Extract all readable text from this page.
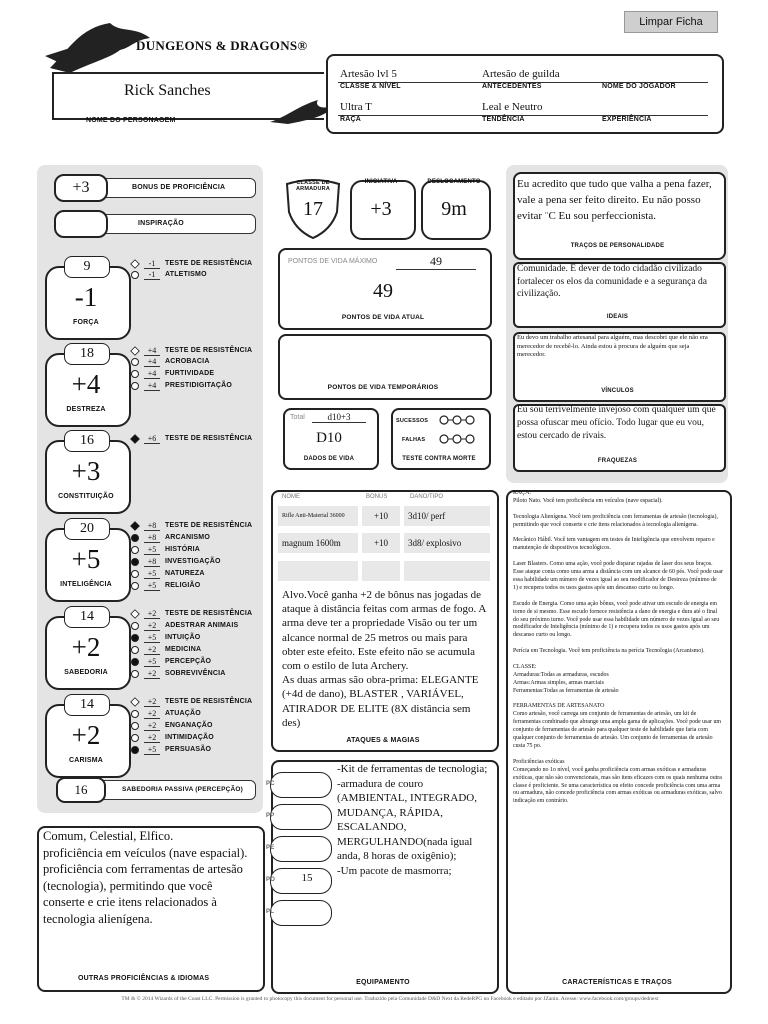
Limpar Ficha
DUNGEONS & DRAGONS®
Rick Sanches
NOME DO PERSONAGEM
Artesão lvl 5	Artesão de guilda
CLASSE & NÍVEL	ANTECEDENTES	NOME DO JOGADOR
Ultra T	Leal e Neutro
RAÇA	TENDÊNCIA	EXPERIÊNCIA
+3	BONUS DE PROFICIÊNCIA
INSPIRAÇÃO
9
-1
FORÇA
-1	TESTE DE RESISTÊNCIA
-1	ATLETISMO
18
+4
DESTREZA
+4	TESTE DE RESISTÊNCIA
+4	ACROBACIA
+4	FURTIVIDADE
+4	PRESTIDIGITAÇÃO
16
+3
CONSTITUIÇÃO
+6	TESTE DE RESISTÊNCIA
20
+5
INTELIGÊNCIA
+8	TESTE DE RESISTÊNCIA
+8	ARCANISMO
+5	HISTÓRIA
+8	INVESTIGAÇÃO
+5	NATUREZA
+5	RELIGIÃO
14
+2
SABEDORIA
+2	TESTE DE RESISTÊNCIA
+2	ADESTRAR ANIMAIS
+5	INTUIÇÃO
+2	MEDICINA
+5	PERCEPÇÃO
+2	SOBREVIVÊNCIA
14
+2
CARISMA
+2	TESTE DE RESISTÊNCIA
+2	ATUAÇÃO
+2	ENGANAÇÃO
+2	INTIMIDAÇÃO
+5	PERSUASÃO
16	SABEDORIA PASSIVA (PERCEPÇÃO)
Comum, Celestial, Elfico.
proficiência em veículos (nave espacial).
proficiência com ferramentas de artesão (tecnologia), permitindo que você conserte e crie itens relacionados à tecnologia alienígena.
OUTRAS PROFICIÊNCIAS & IDIOMAS
CLASSE DE ARMADURA
17
INICIATIVA
+3
DESLOCAMENTO
9m
PONTOS DE VIDA MÁXIMO	49
49
PONTOS DE VIDA ATUAL
PONTOS DE VIDA TEMPORÁRIOS
Total	d10+3
D10
DADOS DE VIDA
SUCESSOS
FALHAS
TESTE CONTRA MORTE
NOME	BONUS	DANO/TIPO
Rifle Anti-Material 36000	+10	3d10/ perf
magnum 1600m	+10	3d8/ explosivo
Alvo.Você ganha +2 de bônus nas jogadas de ataque à distância feitas com armas de fogo. A arma deve ter a propriedade Visão ou ter um alcance normal de 25 metros ou mais para obter este efeito. Este efeito não se acumula com o estilo de luta Archery.
As duas armas são obra-prima: ELEGANTE (+4d de dano), BLASTER , VARIÁVEL, ATIRADOR DE ELITE (8X distância sem des)
ATAQUES & MAGIAS
PC
PP
PE
PO	15
PL
-Kit de ferramentas de tecnologia;
-armadura de couro (AMBIENTAL, INTEGRADO, MUDANÇA, RÁPIDA, ESCALANDO, MERGULHANDO(nada igual anda, 8 horas de oxigênio);
-Um pacote de masmorra;
EQUIPAMENTO
Eu acredito que tudo que valha a pena fazer, vale a pena ser feito direito. Eu não posso evitar ¨C Eu sou perfeccionista.
TRAÇOS DE PERSONALIDADE
Comunidade. É dever de todo cidadão civilizado fortalecer os elos da comunidade e a segurança da civilização.
IDEAIS
Eu devo um trabalho artesanal para alguém, mas descobri que ele não era merecedor de recebê-lo. Ainda estou à procura de alguém que seja merecedor.
VÍNCULOS
Eu sou terrivelmente invejoso com qualquer um que possa ofuscar meu ofício. Todo lugar que eu vou, estou cercado de rivais.
FRAQUEZAS
RAÇA:
Piloto Nato. Você tem proficiência em veículos (nave espacial).

Tecnologia Alienígena. Você tem proficiência com ferramentas de artesão (tecnologia), permitindo que você conserte e crie itens relacionados à tecnologia alienígena.

Mecânico Hábil. Você tem vantagem em testes de Inteligência que envolvem reparo e manutenção de dispositivos tecnológicos.

Laser Blasters. Como uma ação, você pode disparar rajadas de laser dos seus braços. Esse ataque conta como uma arma a distância com um alcance de 60 pés. Você pode usar essa habilidade um número de vezes igual ao seu modificador de Destreza (mínimo de 1) e recupera todos os usos gastos após um descanso curto ou longo.

Escudo de Energia. Como uma ação bônus, você pode ativar um escudo de energia em torno de si mesmo. Esse escudo fornece resistência a dano de energia e dura até o final do seu próximo turno. Você pode usar essa habilidade um número de vezes igual ao seu modificador de Inteligência (mínimo de 1) e recupera todos os usos gastos após um descanso curto ou longo.

Perícia em Tecnologia. Você tem proficiência na perícia Tecnologia (Arcanismo).

CLASSE:
Armaduras:Todas as armaduras, escudos
Armas:Armas simples, armas marciais
Ferramentas:Todas as ferramentas de artesão

FERRAMENTAS DE ARTESANATO
Como artesão, você carrega um conjunto de ferramentas de artesão, um kit de ferramentas combinado que abrange uma ampla gama de aplicações. Você pode usar um conjunto de ferramentas de artesão para qualquer teste de habilidade que faria com qualquer conjunto de ferramentas de artesão. Um conjunto de ferramentas de artesão custa 75 po.

Proficiências exóticas
Começando no 1o nível, você ganha proficiência com armas exóticas e armaduras exóticas, que não são convencionais, mas são itens eficazes com os quais nenhuma outra classe é proficiente. Se uma característica ou efeito concede proficiência com uma arma ou armadura, não concede proficiência com armas exóticas ou armaduras exóticas, salvo indicação em contrário.
CARACTERÍSTICAS E TRAÇOS
TM & © 2014 Wizards of the Coast LLC. Permission is granted to photocopy this document for personal use. Traduzido pela Comunidade D&D Next da RedeRPG no Facebook e editado por JZanin. Acesse: www.facebook.com/groups/dednext
